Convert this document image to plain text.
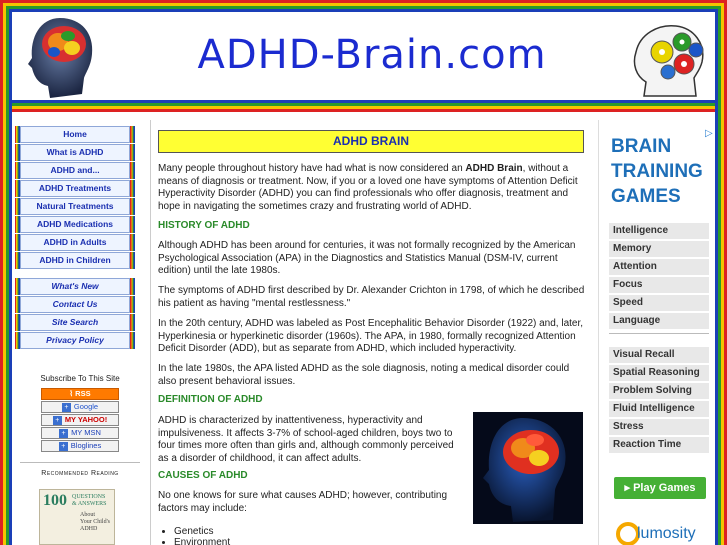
ADHD-Brain.com
Home
What is ADHD
ADHD and...
ADHD Treatments
Natural Treatments
ADHD Medications
ADHD in Adults
ADHD in Children
What's New
Contact Us
Site Search
Privacy Policy
Subscribe To This Site
⌇ RSS
+ Google
+ MY YAHOO!
+ MY MSN
+ Bloglines
Recommended Reading
100 QUESTIONS
& ANSWERS
About
Your Child's
ADHD
ADHD BRAIN
Many people throughout history have had what is now considered an ADHD Brain, without a means of diagnosis or treatment. Now, if you or a loved one have symptoms of Attention Deficit Hyperactivity Disorder (ADHD) you can find professionals who offer diagnosis, treatment and hope in navigating the sometimes crazy and frustrating world of ADHD.
HISTORY OF ADHD
Although ADHD has been around for centuries, it was not formally recognized by the American Psychological Association (APA) in the Diagnostics and Statistics Manual (DSM-IV, current edition) until the late 1980s.
The symptoms of ADHD first described by Dr. Alexander Crichton in 1798, of which he described his patient as having "mental restlessness."
In the 20th century, ADHD was labeled as Post Encephalitic Behavior Disorder (1922) and, later, Hyperkinesia or hyperkinetic disorder (1960s). The APA, in 1980, formally recognized Attention Deficit Disorder (ADD), but as separate from ADHD, which included hyperactivity.
In the late 1980s, the APA listed ADHD as the sole diagnosis, noting a medical disorder could also present behavioral issues.
DEFINITION OF ADHD
ADHD is characterized by inattentiveness, hyperactivity and impulsiveness. It affects 3-7% of school-aged children, boys two to four times more often than girls and, although commonly perceived as a disorder of childhood, it can affect adults.
CAUSES OF ADHD
No one knows for sure what causes ADHD; however, contributing factors may include:
• Genetics
• Environment
▷
BRAIN
TRAINING
GAMES
Intelligence
Memory
Attention
Focus
Speed
Language
Visual Recall
Spatial Reasoning
Problem Solving
Fluid Intelligence
Stress
Reaction Time
▸ Play Games
lumosity
